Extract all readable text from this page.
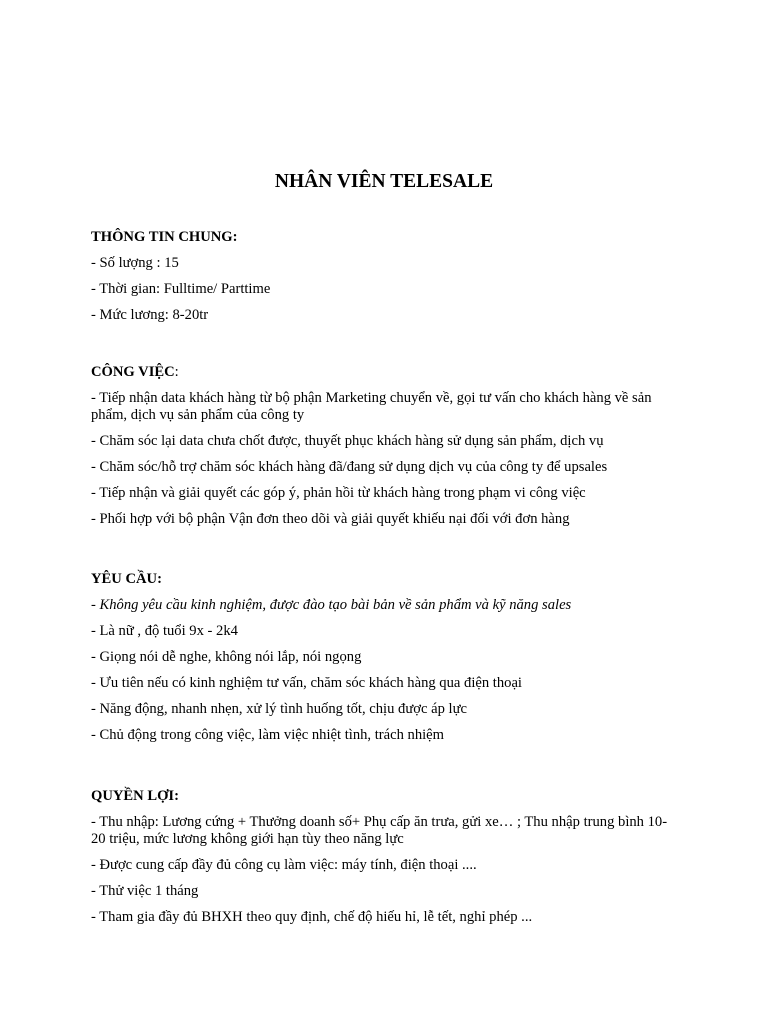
NHÂN VIÊN TELESALE

THÔNG TIN CHUNG:

- Số lượng : 15

- Thời gian: Fulltime/ Parttime

- Mức lương: 8-20tr

CÔNG VIỆC:

- Tiếp nhận data khách hàng từ bộ phận Marketing chuyển về, gọi tư vấn cho khách hàng về sản phẩm, dịch vụ sản phẩm của công ty

- Chăm sóc lại data chưa chốt được, thuyết phục khách hàng sử dụng sản phẩm, dịch vụ

- Chăm sóc/hỗ trợ chăm sóc khách hàng đã/đang sử dụng dịch vụ của công ty để upsales

- Tiếp nhận và giải quyết các góp ý, phản hồi từ khách hàng trong phạm vi công việc

- Phối hợp với bộ phận Vận đơn theo dõi và giải quyết khiếu nại đối với đơn hàng

YÊU CẦU:

- Không yêu cầu kinh nghiệm, được đào tạo bài bản về sản phẩm và kỹ năng sales

- Là nữ , độ tuổi 9x - 2k4

- Giọng nói dễ nghe, không nói lắp, nói ngọng

- Ưu tiên nếu có kinh nghiệm tư vấn, chăm sóc khách hàng qua điện thoại

- Năng động, nhanh nhẹn, xử lý tình huống tốt, chịu được áp lực

- Chủ động trong công việc, làm việc nhiệt tình, trách nhiệm

QUYỀN LỢI:

- Thu nhập: Lương cứng + Thưởng doanh số+ Phụ cấp ăn trưa, gửi xe… ; Thu nhập trung bình 10- 20 triệu, mức lương không giới hạn tùy theo năng lực

- Được cung cấp đầy đủ công cụ làm việc: máy tính, điện thoại ....

- Thử việc 1 tháng

- Tham gia đầy đủ BHXH theo quy định, chế độ hiếu hỉ, lễ tết, nghỉ phép ...
